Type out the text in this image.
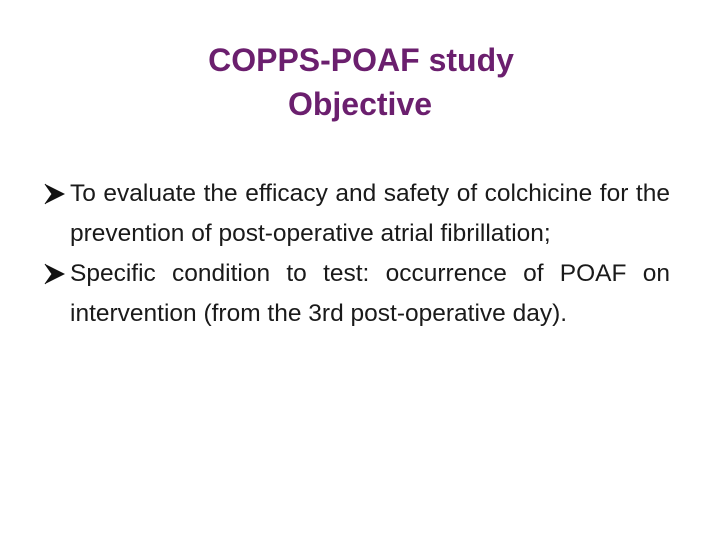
COPPS-POAF study
Objective
To evaluate the efficacy and safety of colchicine for the prevention of post-operative atrial fibrillation;
Specific condition to test: occurrence of POAF on intervention (from the 3rd post-operative day).
